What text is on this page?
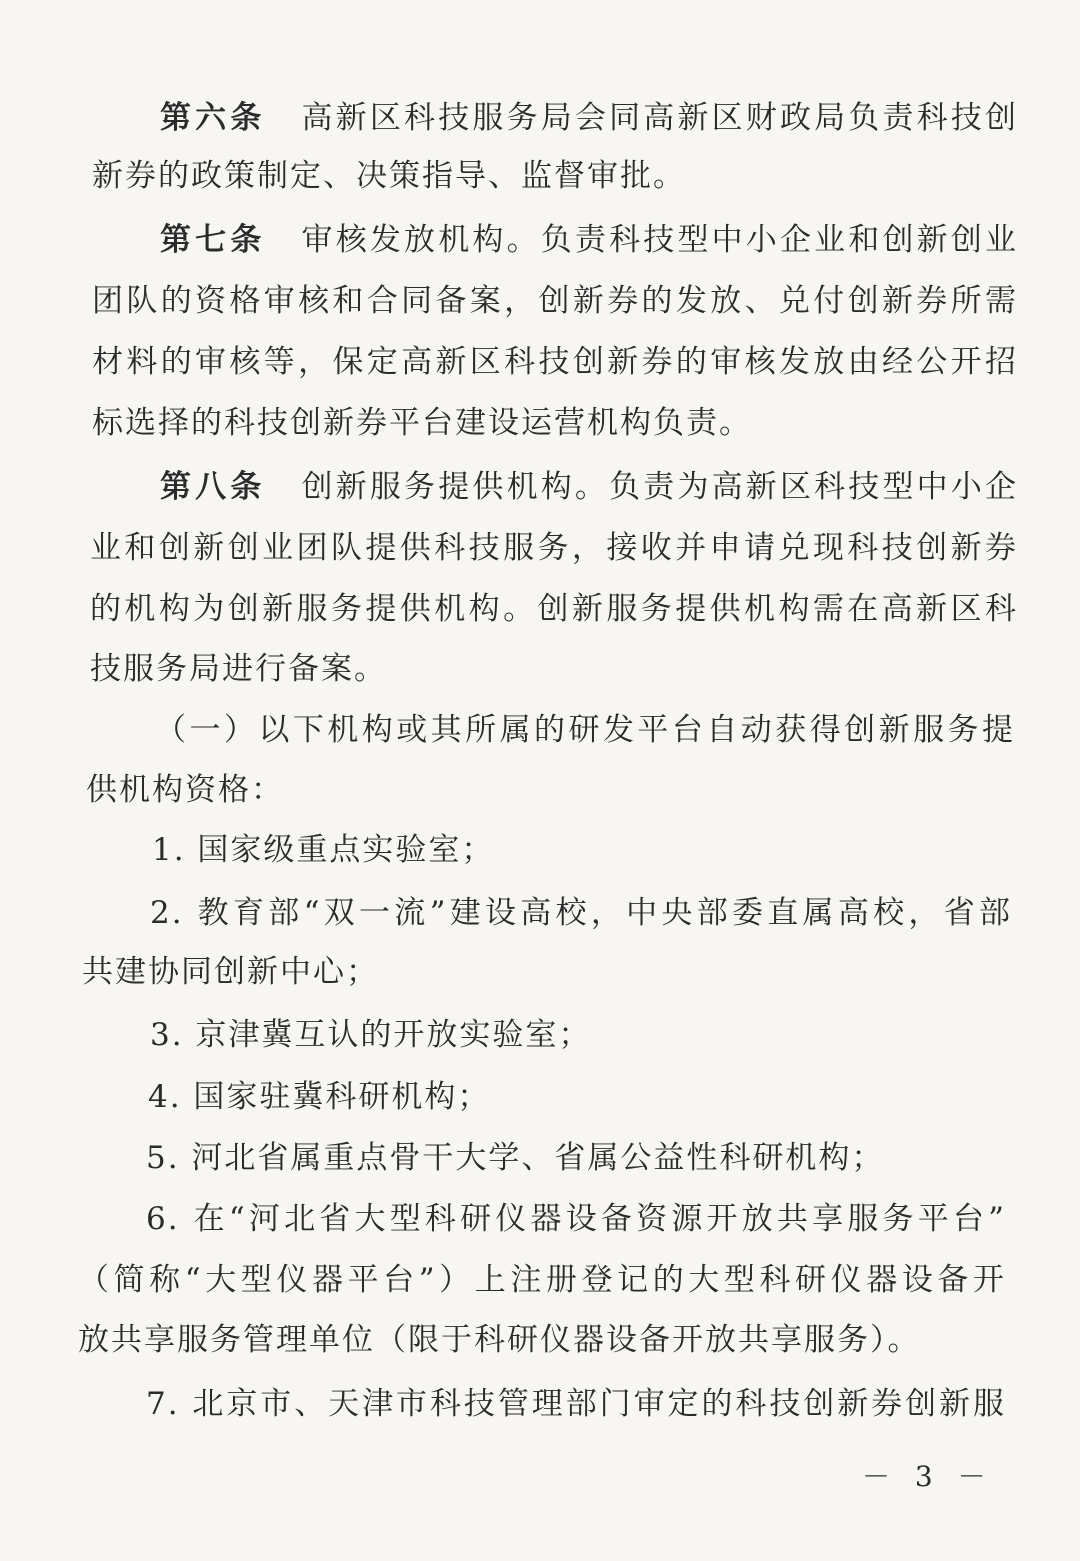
第六条 高新区科技服务局会同高新区财政局负责科技创
新券的政策制定、决策指导、监督审批。
第七条 审核发放机构。负责科技型中小企业和创新创业
团队的资格审核和合同备案，创新券的发放、兑付创新券所需
材料的审核等，保定高新区科技创新券的审核发放由经公开招
标选择的科技创新券平台建设运营机构负责。
第八条 创新服务提供机构。负责为高新区科技型中小企
业和创新创业团队提供科技服务，接收并申请兑现科技创新券
的机构为创新服务提供机构。创新服务提供机构需在高新区科
技服务局进行备案。
（一）以下机构或其所属的研发平台自动获得创新服务提
供机构资格：
1. 国家级重点实验室；
2. 教育部“双一流”建设高校，中央部委直属高校，省部
共建协同创新中心；
3. 京津冀互认的开放实验室；
4. 国家驻冀科研机构；
5. 河北省属重点骨干大学、省属公益性科研机构；
6. 在“河北省大型科研仪器设备资源开放共享服务平台”
（简称“大型仪器平台”）上注册登记的大型科研仪器设备开
放共享服务管理单位（限于科研仪器设备开放共享服务）。
7. 北京市、天津市科技管理部门审定的科技创新券创新服
－ 3 －
